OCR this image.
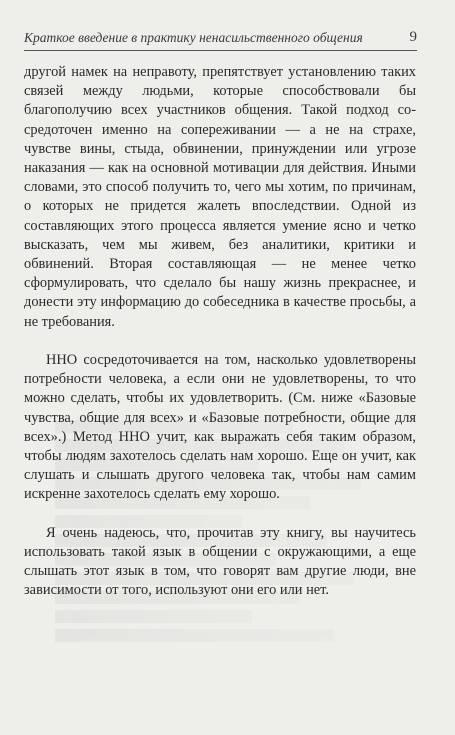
Краткое введение в практику ненасильственного общения	9

другой намек на неправоту, препятствует установлению таких связей между людьми, которые способствовали бы благополучию всех участников общения. Такой подход сосредоточен именно на сопереживании — а не на страхе, чувстве вины, стыда, обвинении, принуждении или угрозе наказания — как на основной мотивации для действия. Иными словами, это способ получить то, чего мы хотим, по причинам, о которых не придется жалеть впоследствии. Одной из составляющих этого процесса является умение ясно и четко высказать, чем мы живем, без аналитики, критики и обвинений. Вторая составляющая — не менее четко сформулировать, что сделало бы нашу жизнь прекраснее, и донести эту информацию до собеседника в качестве просьбы, а не требования.

ННО сосредоточивается на том, насколько удовлетворены потребности человека, а если они не удовлетворены, то что можно сделать, чтобы их удовлетворить. (См. ниже «Базовые чувства, общие для всех» и «Базовые потребности, общие для всех».) Метод ННО учит, как выражать себя таким образом, чтобы людям захотелось сделать нам хорошо. Еще он учит, как слушать и слышать другого человека так, чтобы нам самим искренне захотелось сделать ему хорошо.

Я очень надеюсь, что, прочитав эту книгу, вы научитесь использовать такой язык в общении с окружающими, а еще слышать этот язык в том, что говорят вам другие люди, вне зависимости от того, используют они его или нет.
